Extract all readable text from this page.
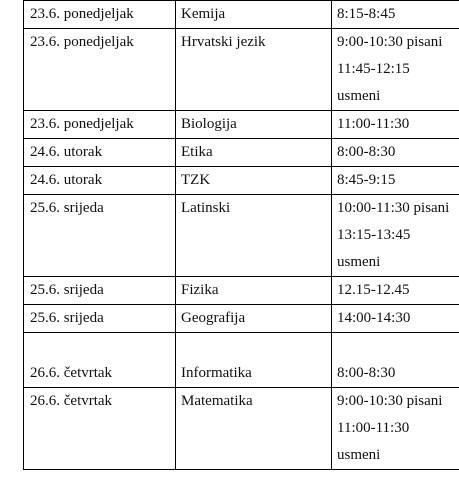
23.6. ponedjeljak	Kemija	8:15-8:45

23.6. ponedjeljak	Hrvatski jezik	9:00-10:30 pisani
11:45-12:15
usmeni

23.6. ponedjeljak	Biologija	11:00-11:30

24.6. utorak	Etika	8:00-8:30

24.6. utorak	TZK	8:45-9:15

25.6. srijeda	Latinski	10:00-11:30 pisani
13:15-13:45
usmeni

25.6. srijeda	Fizika	12.15-12.45

25.6. srijeda	Geografija	14:00-14:30

26.6. četvrtak	Informatika	8:00-8:30

26.6. četvrtak	Matematika	9:00-10:30 pisani
11:00-11:30
usmeni
